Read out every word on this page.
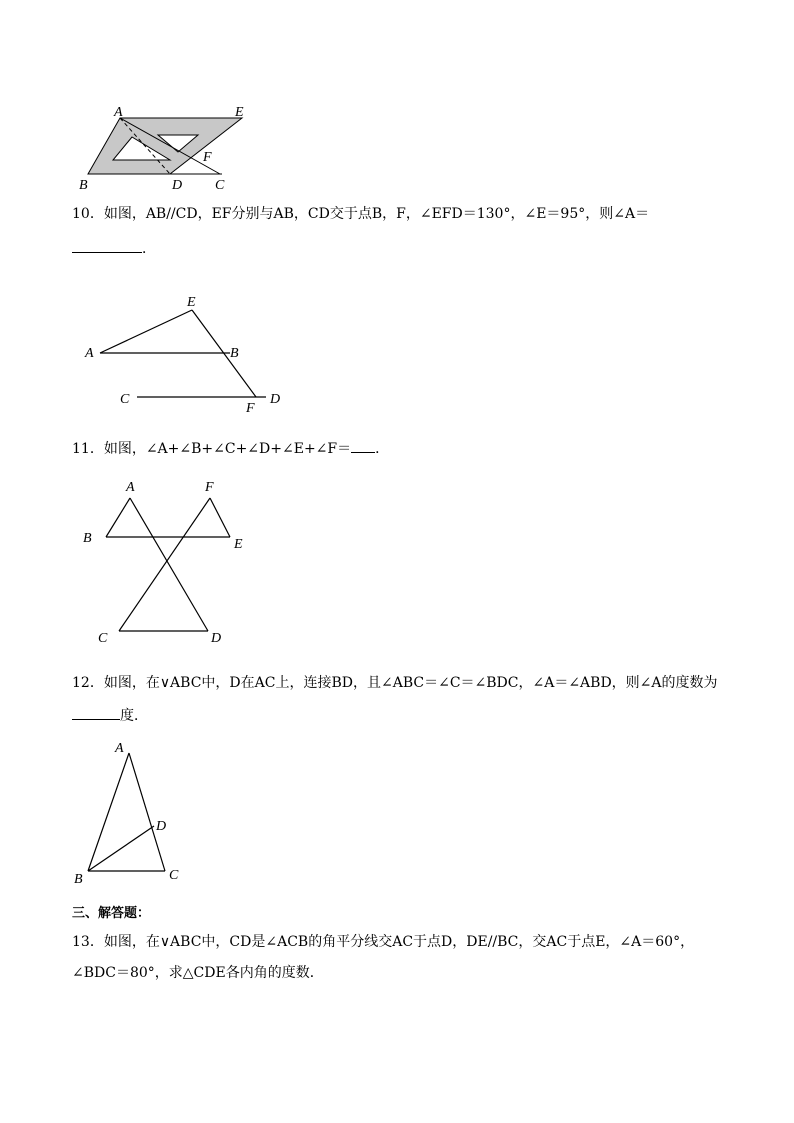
A	E
F
B	D C
10．如图，AB//CD，EF分别与AB，CD交于点B，F，∠EFD＝130°，∠E＝95°，则∠A＝
．
E
A	B
C	D
F
11．如图，∠A+∠B+∠C+∠D+∠E+∠F＝ ．
A	F
B	E
C	D
12．如图，在∨ABC中，D在AC上，连接BD，且∠ABC＝∠C＝∠BDC，∠A＝∠ABD，则∠A的度数为
度．
A
D
B	C
三、解答题：
13．如图，在∨ABC中，CD是∠ACB的角平分线交AC于点D，DE//BC，交AC于点E，∠A＝60°，
∠BDC＝80°，求△CDE各内角的度数．
